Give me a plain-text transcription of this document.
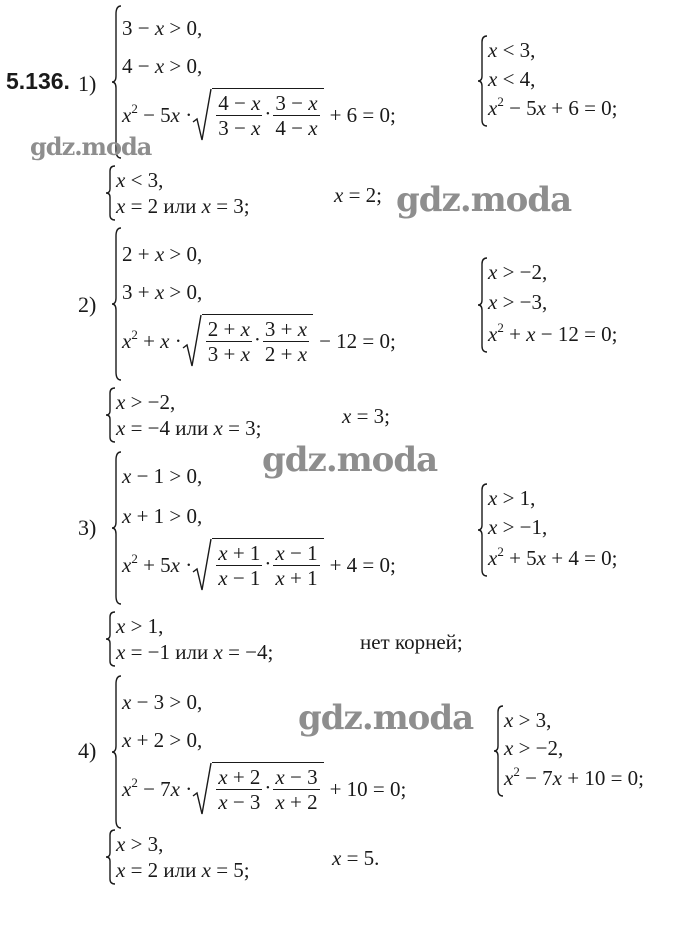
5.136. 1)
3 − x > 0,
4 − x > 0,
$x^2 - 5x \cdot \frac{4 - x}{3 - x} \cdot \frac{3 - x}{4 - x} + 6 = 0$;
x < 3,
x < 4,
$x^2 - 5x + 6 = 0$;
x < 3,
x = 2 или x = 3;	x = 2;
2)
2 + x > 0,
3 + x > 0,
$x^2 + x \cdot \frac{2 + x}{3 + x} \cdot \frac{3 + x}{2 + x} - 12 = 0$;
x > −2,
x > −3,
$x^2 + x - 12 = 0$;
x > −2,
x = −4 или x = 3;	x = 3;
3)
x − 1 > 0,
x + 1 > 0,
$x^2 + 5x \cdot \frac{x + 1}{x - 1} \cdot \frac{x - 1}{x + 1} + 4 = 0$;
x > 1,
x > −1,
$x^2 + 5x + 4 = 0$;
x > 1,
x = −1 или x = −4;	нет корней;
4)
x − 3 > 0,
x + 2 > 0,
$x^2 - 7x \cdot \frac{x + 2}{x - 3} \cdot \frac{x - 3}{x + 2} + 10 = 0$;
x > 3,
x > −2,
$x^2 - 7x + 10 = 0$;
x > 3,
x = 2 или x = 5;	x = 5.
gdz.moda
gdz.moda
gdz.moda
gdz.moda
